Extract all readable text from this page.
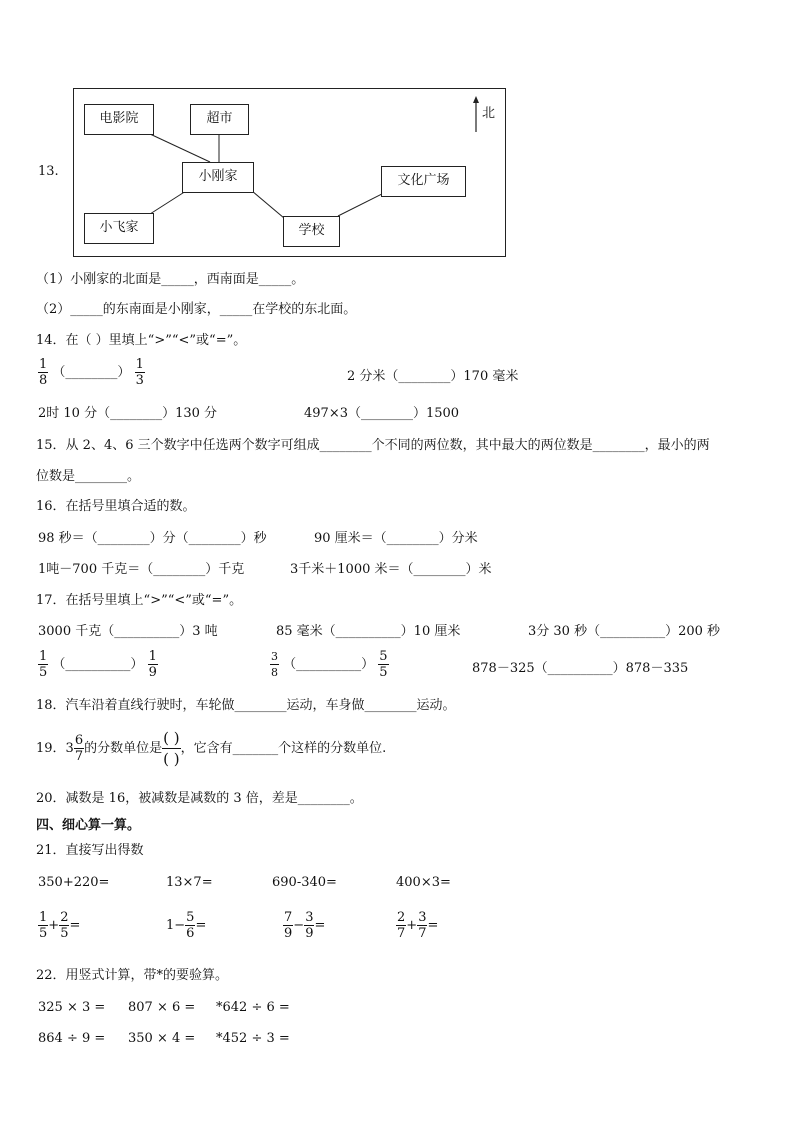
13.
电影院	超市
小刚家	文化广场
小飞家	学校
北
（1）小刚家的北面是_____，西南面是_____。
（2）_____的东南面是小刚家，_____在学校的东北面。
14．在（ ）里填上“>”“<”或“=”。
$\frac{1}{8}$ （________） $\frac{1}{3}$	2 分米（________）170 毫米
2时 10 分（________）130 分	497×3（________）1500
15．从 2、4、6 三个数字中任选两个数字可组成________个不同的两位数，其中最大的两位数是________，最小的两
位数是________。
16．在括号里填合适的数。
98 秒＝（________）分（________）秒	90 厘米＝（________）分米
1吨－700 千克＝（________）千克	3千米＋1000 米＝（________）米
17．在括号里填上“>”“<”或“=”。
3000 千克（__________）3 吨	85 毫米（__________）10 厘米	3分 30 秒（__________）200 秒
$\frac{1}{5}$ （__________） $\frac{1}{9}$	$\frac{3}{8}$ （__________） $\frac{5}{5}$	878－325（__________）878－335
18．汽车沿着直线行驶时，车轮做________运动，车身做________运动。
19．$3 \frac{6}{7}$ 的分数单位是 $\frac{( )}{( )}$ ，它含有_______个这样的分数单位.
20．减数是 16，被减数是减数的 3 倍，差是________。
四、细心算一算。
21．直接写出得数
350+220=	13×7=	690-340=	400×3=
$\frac{1}{5} + \frac{2}{5}$ =	$1- \frac{5}{6}$ =	$\frac{7}{9} - \frac{3}{9}$ =	$\frac{2}{7} + \frac{3}{7}$ =
22．用竖式计算，带*的要验算。
325 × 3 = 807 × 6 = *642 ÷ 6 =
864 ÷ 9 = 350 × 4 = *452 ÷ 3 =
